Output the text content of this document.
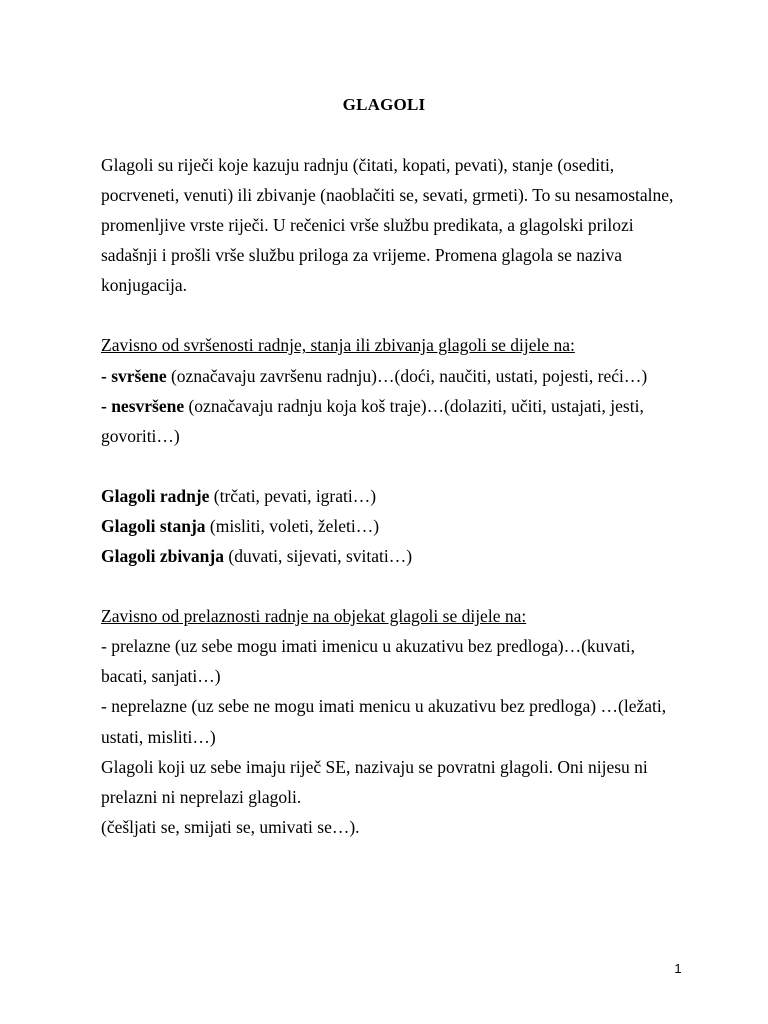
GLAGOLI

Glagoli su riječi koje kazuju radnju (čitati, kopati, pevati), stanje (osediti, pocrveneti, venuti) ili zbivanje (naoblačiti se, sevati, grmeti). To su nesamostalne, promenljive vrste riječi. U rečenici vrše službu predikata, a glagolski prilozi sadašnji i prošli vrše službu priloga za vrijeme. Promena glagola se naziva konjugacija.

Zavisno od svršenosti radnje, stanja ili zbivanja glagoli se dijele na:

- svršene (označavaju završenu radnju)…(doći, naučiti, ustati, pojesti, reći…)

- nesvršene (označavaju radnju koja koš traje)…(dolaziti, učiti, ustajati, jesti, govoriti…)

Glagoli radnje (trčati, pevati, igrati…)

Glagoli stanja (misliti, voleti, želeti…)

Glagoli zbivanja (duvati, sijevati, svitati…)

Zavisno od prelaznosti radnje na objekat glagoli se dijele na:

- prelazne (uz sebe mogu imati imenicu u akuzativu bez predloga)…(kuvati, bacati, sanjati…)

- neprelazne (uz sebe ne mogu imati menicu u akuzativu bez predloga) …(ležati, ustati, misliti…)

Glagoli koji uz sebe imaju riječ SE, nazivaju se povratni glagoli. Oni nijesu ni prelazni ni neprelazi glagoli.

(češljati se, smijati se, umivati se…).

1
